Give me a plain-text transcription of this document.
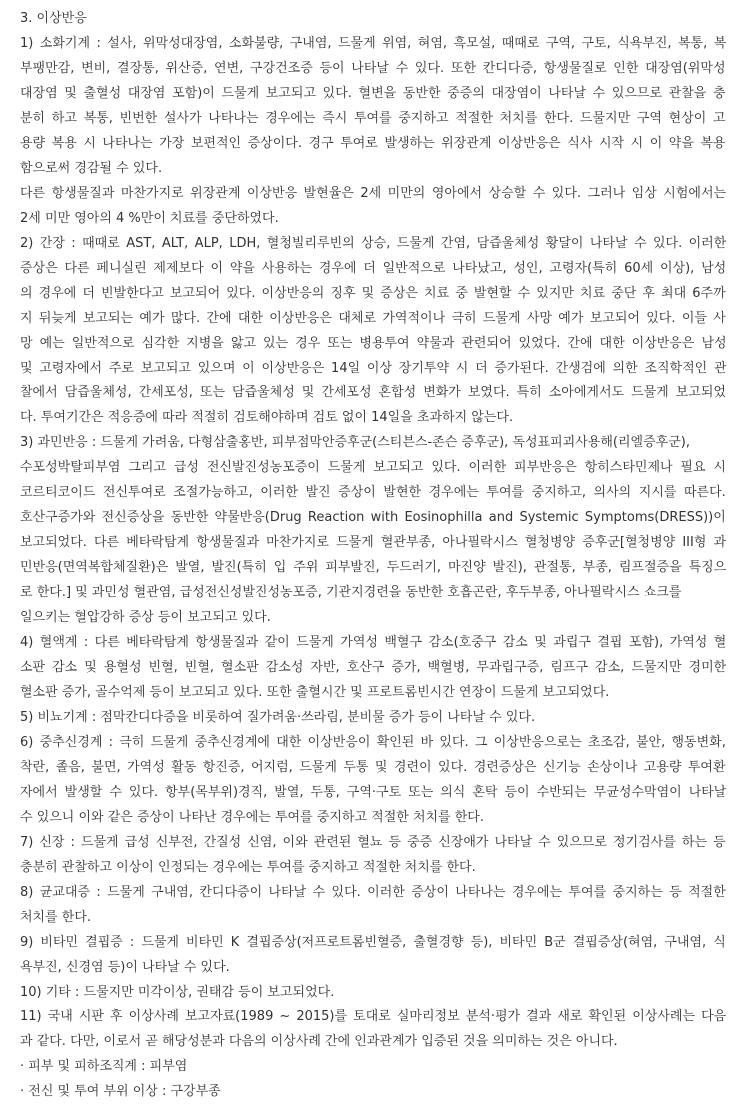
3. 이상반응
1) 소화기계 : 설사, 위막성대장염, 소화불량, 구내염, 드물게 위염, 혀염, 흑모설, 때때로 구역, 구토, 식욕부진, 복통, 복
부팽만감, 변비, 결장통, 위산증, 연변, 구강건조증 등이 나타날 수 있다. 또한 칸디다증, 항생물질로 인한 대장염(위막성
대장염 및 출혈성 대장염 포함)이 드물게 보고되고 있다. 혈변을 동반한 중증의 대장염이 나타날 수 있으므로 관찰을 충
분히 하고 복통, 빈번한 설사가 나타나는 경우에는 즉시 투여를 중지하고 적절한 처치를 한다. 드물지만 구역 현상이 고
용량 복용 시 나타나는 가장 보편적인 증상이다. 경구 투여로 발생하는 위장관계 이상반응은 식사 시작 시 이 약을 복용
함으로써 경감될 수 있다.
다른 항생물질과 마찬가지로 위장관계 이상반응 발현율은 2세 미만의 영아에서 상승할 수 있다. 그러나 임상 시험에서는
2세 미만 영아의 4 %만이 치료를 중단하였다.
2) 간장 : 때때로 AST, ALT, ALP, LDH, 혈청빌리루빈의 상승, 드물게 간염, 담즙울체성 황달이 나타날 수 있다. 이러한
증상은 다른 페니실린 제제보다 이 약을 사용하는 경우에 더 일반적으로 나타났고, 성인, 고령자(특히 60세 이상), 남성
의 경우에 더 빈발한다고 보고되어 있다. 이상반응의 징후 및 증상은 치료 중 발현할 수 있지만 치료 중단 후 최대 6주까
지 뒤늦게 보고되는 예가 많다. 간에 대한 이상반응은 대체로 가역적이나 극히 드물게 사망 예가 보고되어 있다. 이들 사
망 예는 일반적으로 심각한 지병을 앓고 있는 경우 또는 병용투여 약물과 관련되어 있었다. 간에 대한 이상반응은 남성
및 고령자에서 주로 보고되고 있으며 이 이상반응은 14일 이상 장기투약 시 더 증가된다. 간생검에 의한 조직학적인 관
찰에서 담즙울체성, 간세포성, 또는 담즙울체성 및 간세포성 혼합성 변화가 보였다. 특히 소아에게서도 드물게 보고되었
다. 투여기간은 적응증에 따라 적절히 검토해야하며 검토 없이 14일을 초과하지 않는다.
3) 과민반응 : 드물게 가려움, 다형삼출홍반, 피부점막안증후군(스티븐스-존슨 증후군), 독성표피괴사용해(리엘증후군),
수포성박탈피부염 그리고 급성 전신발진성농포증이 드물게 보고되고 있다. 이러한 피부반응은 항히스타민제나 필요 시
코르티코이드 전신투여로 조절가능하고, 이러한 발진 증상이 발현한 경우에는 투여를 중지하고, 의사의 지시를 따른다.
호산구증가와 전신증상을 동반한 약물반응(Drug Reaction with Eosinophilla and Systemic Symptoms(DRESS))이
보고되었다. 다른 베타락탐계 항생물질과 마찬가지로 드물게 혈관부종, 아나필락시스 혈청병양 증후군[혈청병양 III형 과
민반응(면역복합체질환)은 발열, 발진(특히 입 주위 피부발진, 두드러기, 마진양 발진), 관절통, 부종, 림프절증을 특징으
로 한다.] 및 과민성 혈관염, 급성전신성발진성농포증, 기관지경련을 동반한 호흡곤란, 후두부종, 아나필락시스 쇼크를
일으키는 혈압강하 증상 등이 보고되고 있다.
4) 혈액계 : 다른 베타락탐계 항생물질과 같이 드물게 가역성 백혈구 감소(호중구 감소 및 과립구 결핍 포함), 가역성 혈
소판 감소 및 용혈성 빈혈, 빈혈, 혈소판 감소성 자반, 호산구 증가, 백혈병, 무과립구증, 림프구 감소, 드물지만 경미한
혈소판 증가, 골수억제 등이 보고되고 있다. 또한 출혈시간 및 프로트롬빈시간 연장이 드물게 보고되었다.
5) 비뇨기계 : 점막칸디다증을 비롯하여 질가려움·쓰라림, 분비물 증가 등이 나타날 수 있다.
6) 중추신경계 : 극히 드물게 중추신경계에 대한 이상반응이 확인된 바 있다. 그 이상반응으로는 초조감, 불안, 행동변화,
착란, 졸음, 불면, 가역성 활동 항진증, 어지럼, 드물게 두통 및 경련이 있다. 경련증상은 신기능 손상이나 고용량 투여환
자에서 발생할 수 있다. 항부(목부위)경직, 발열, 두통, 구역·구토 또는 의식 혼탁 등이 수반되는 무균성수막염이 나타날
수 있으니 이와 같은 증상이 나타난 경우에는 투여를 중지하고 적절한 처치를 한다.
7) 신장 : 드물게 급성 신부전, 간질성 신염, 이와 관련된 혈뇨 등 중증 신장애가 나타날 수 있으므로 정기검사를 하는 등
충분히 관찰하고 이상이 인정되는 경우에는 투여를 중지하고 적절한 처치를 한다.
8) 균교대증 : 드물게 구내염, 칸디다증이 나타날 수 있다. 이러한 증상이 나타나는 경우에는 투여를 중지하는 등 적절한
처치를 한다.
9) 비타민 결핍증 : 드물게 비타민 K 결핍증상(저프로트롬빈혈증, 출혈경향 등), 비타민 B군 결핍증상(혀염, 구내염, 식
욕부진, 신경염 등)이 나타날 수 있다.
10) 기타 : 드물지만 미각이상, 권태감 등이 보고되었다.
11) 국내 시판 후 이상사례 보고자료(1989 ~ 2015)를 토대로 실마리정보 분석·평가 결과 새로 확인된 이상사례는 다음
과 같다. 다만, 이로서 곧 해당성분과 다음의 이상사례 간에 인과관계가 입증된 것을 의미하는 것은 아니다.
· 피부 및 피하조직계 : 피부염
· 전신 및 투여 부위 이상 : 구강부종
